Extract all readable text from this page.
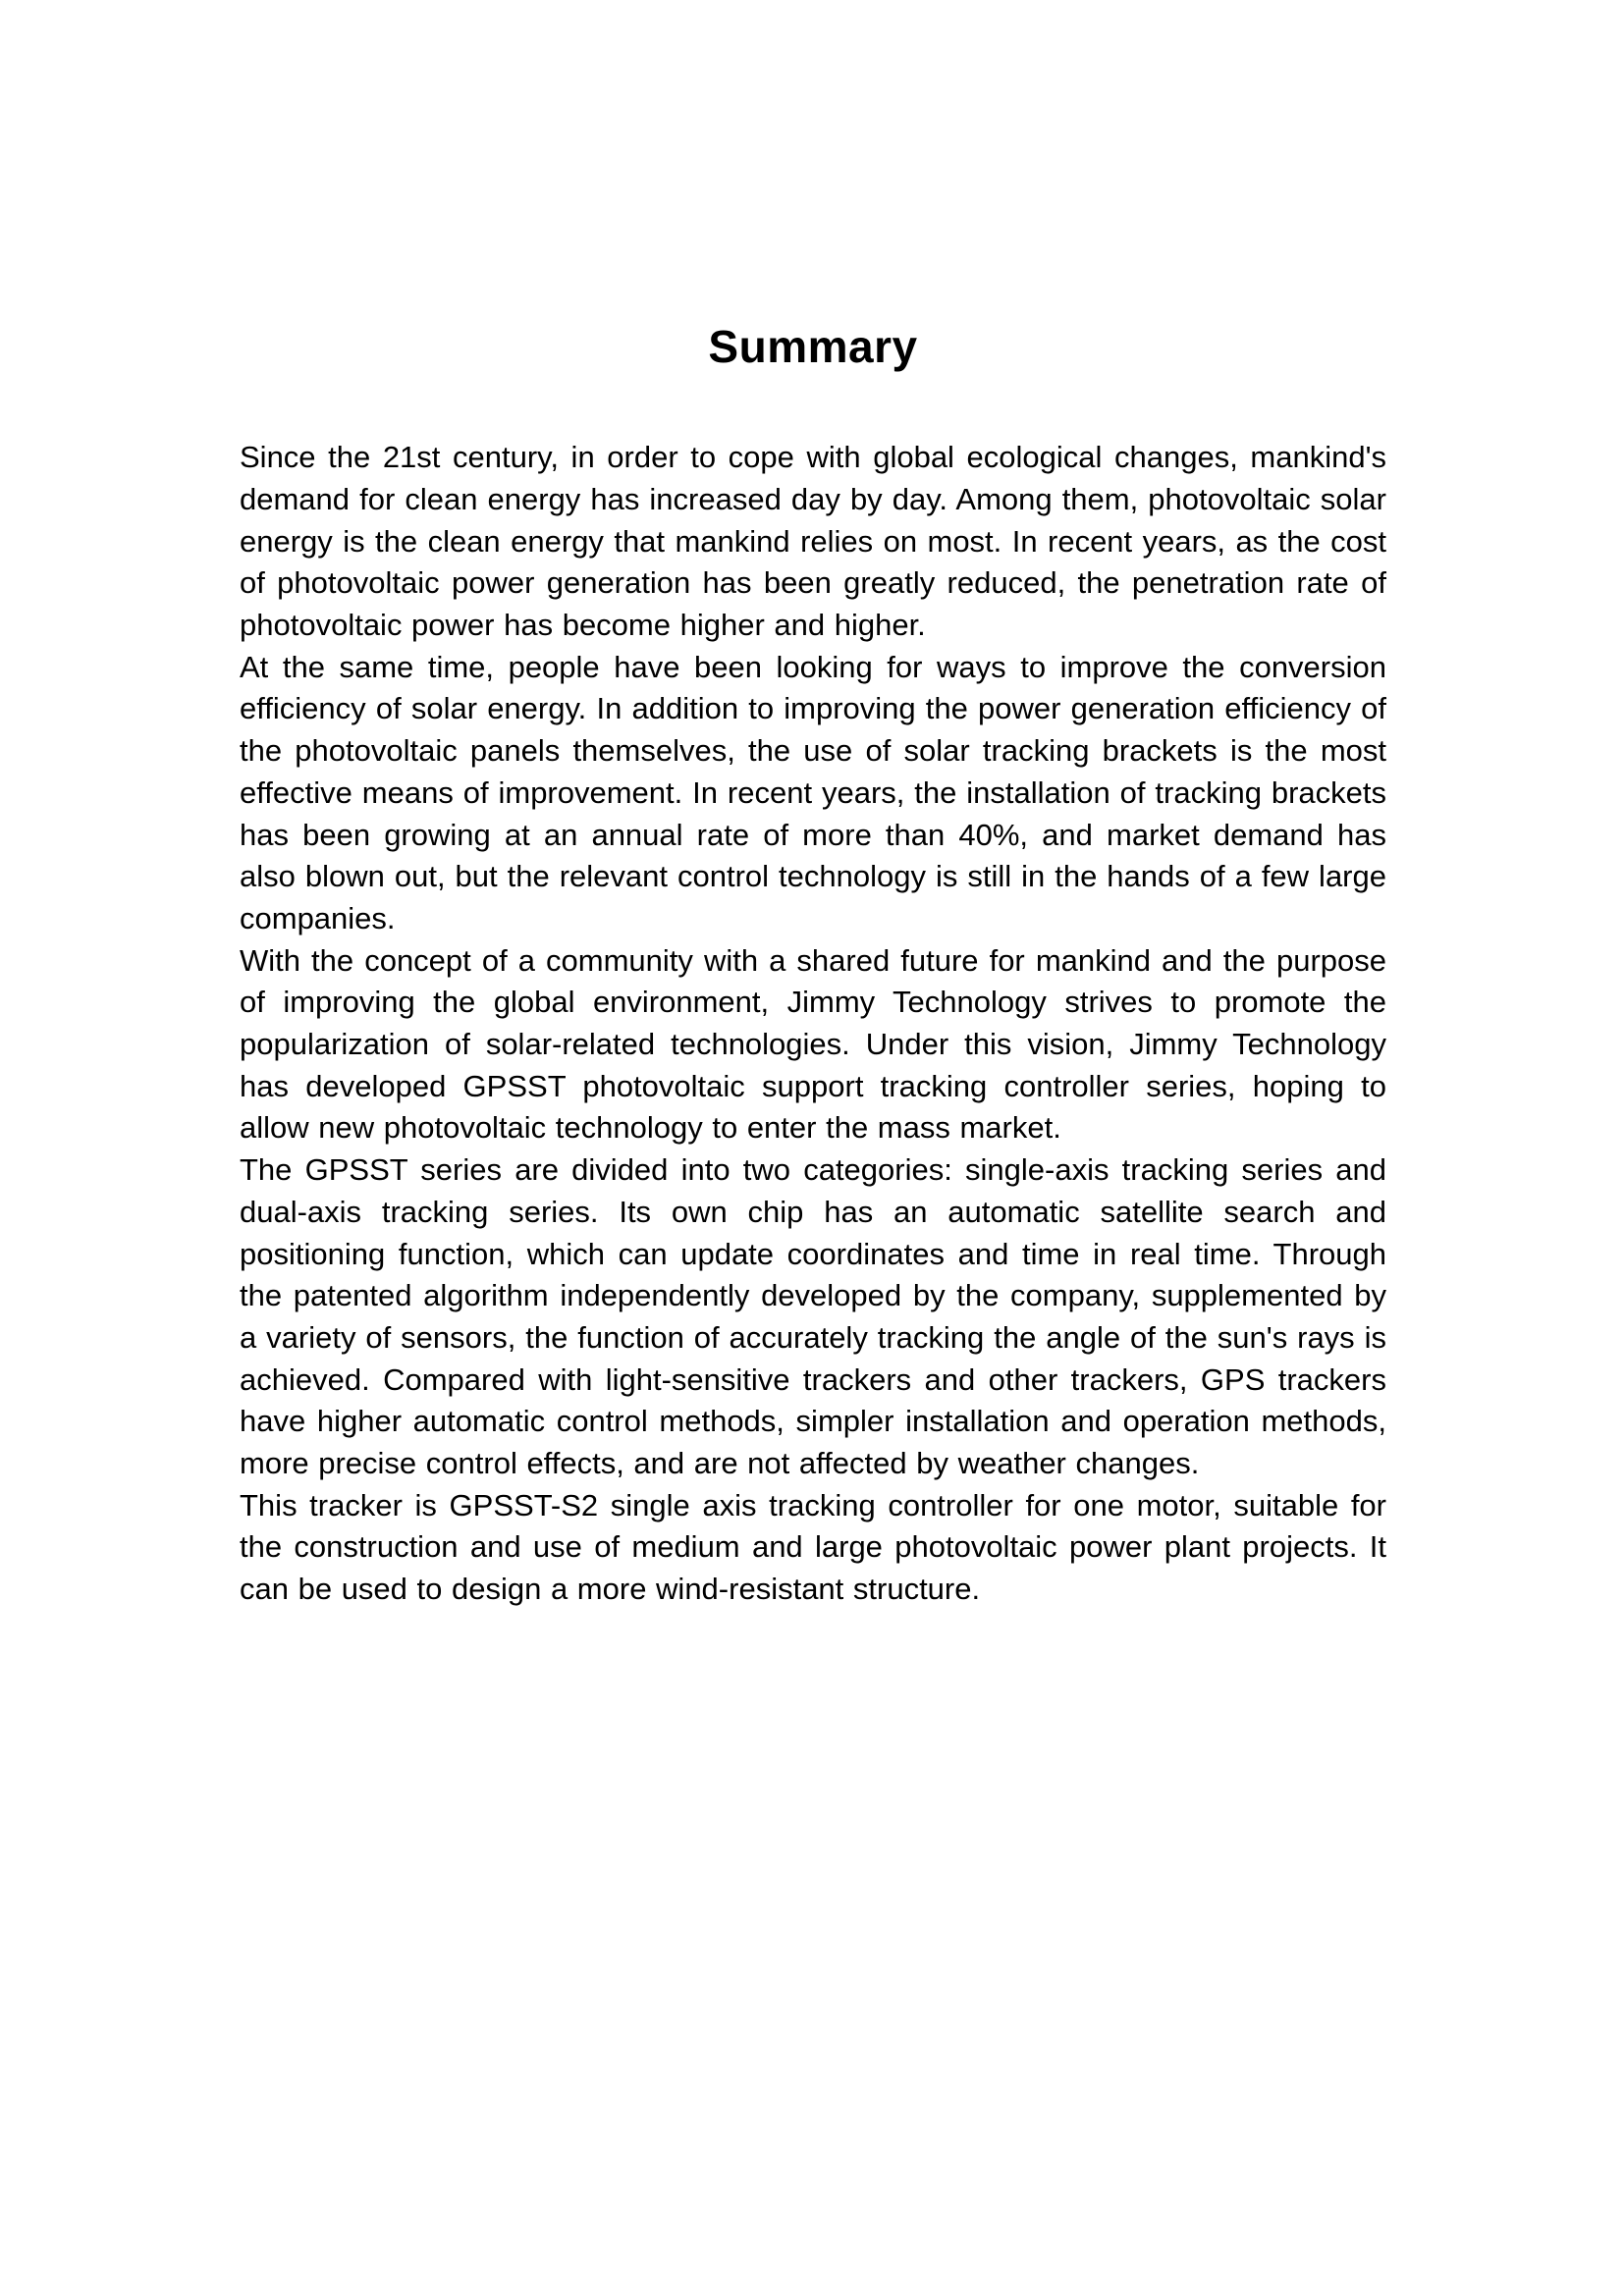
Summary

Since the 21st century, in order to cope with global ecological changes, mankind's demand for clean energy has increased day by day. Among them, photovoltaic solar energy is the clean energy that mankind relies on most. In recent years, as the cost of photovoltaic power generation has been greatly reduced, the penetration rate of photovoltaic power has become higher and higher.

At the same time, people have been looking for ways to improve the conversion efficiency of solar energy. In addition to improving the power generation efficiency of the photovoltaic panels themselves, the use of solar tracking brackets is the most effective means of improvement. In recent years, the installation of tracking brackets has been growing at an annual rate of more than 40%, and market demand has also blown out, but the relevant control technology is still in the hands of a few large companies.

With the concept of a community with a shared future for mankind and the purpose of improving the global environment, Jimmy Technology strives to promote the popularization of solar-related technologies. Under this vision, Jimmy Technology has developed GPSST photovoltaic support tracking controller series, hoping to allow new photovoltaic technology to enter the mass market.

The GPSST series are divided into two categories: single-axis tracking series and dual-axis tracking series. Its own chip has an automatic satellite search and positioning function, which can update coordinates and time in real time. Through the patented algorithm independently developed by the company, supplemented by a variety of sensors, the function of accurately tracking the angle of the sun's rays is achieved. Compared with light-sensitive trackers and other trackers, GPS trackers have higher automatic control methods, simpler installation and operation methods, more precise control effects, and are not affected by weather changes.

This tracker is GPSST-S2 single axis tracking controller for one motor, suitable for the construction and use of medium and large photovoltaic power plant projects. It can be used to design a more wind-resistant structure.
